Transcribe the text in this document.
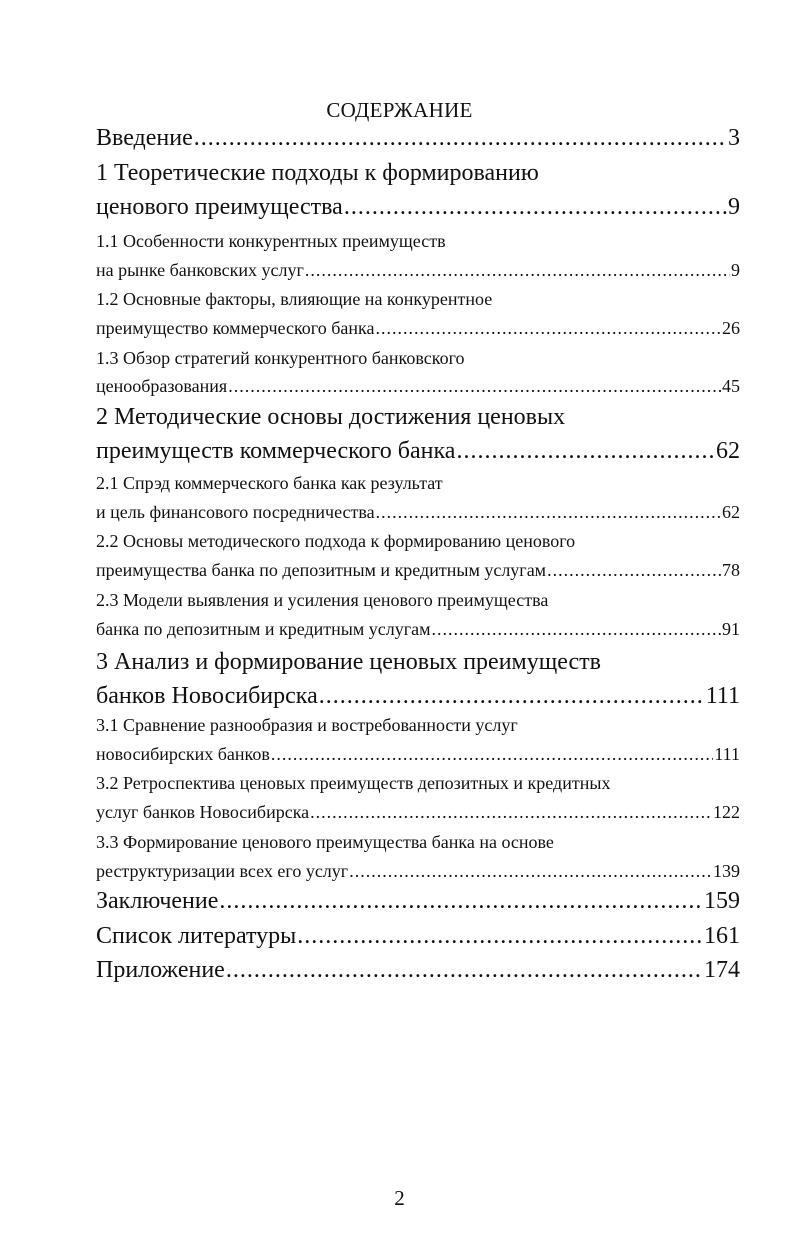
СОДЕРЖАНИЕ
Введение .....	3
1 Теоретические подходы к формированию
ценового преимущества .....	9
1.1 Особенности конкурентных преимуществ
на рынке банковских услуг .....	9
1.2 Основные факторы, влияющие на конкурентное
преимущество коммерческого банка .....	26
1.3 Обзор стратегий конкурентного банковского
ценообразования .....	45
2 Методические основы достижения ценовых
преимуществ коммерческого банка .....	62
2.1 Спрэд коммерческого банка как результат
и цель финансового посредничества .....	62
2.2 Основы методического подхода к формированию ценового
преимущества банка по депозитным и кредитным услугам .....	78
2.3 Модели выявления и усиления ценового преимущества
банка по депозитным и кредитным услугам .....	91
3 Анализ и формирование ценовых преимуществ
банков Новосибирска .....	111
3.1 Сравнение разнообразия и востребованности услуг
новосибирских банков .....	111
3.2 Ретроспектива ценовых преимуществ депозитных и кредитных
услуг банков Новосибирска .....	122
3.3 Формирование ценового преимущества банка на основе
реструктуризации всех его услуг .....	139
Заключение .....	159
Список литературы .....	161
Приложение .....	174
2
